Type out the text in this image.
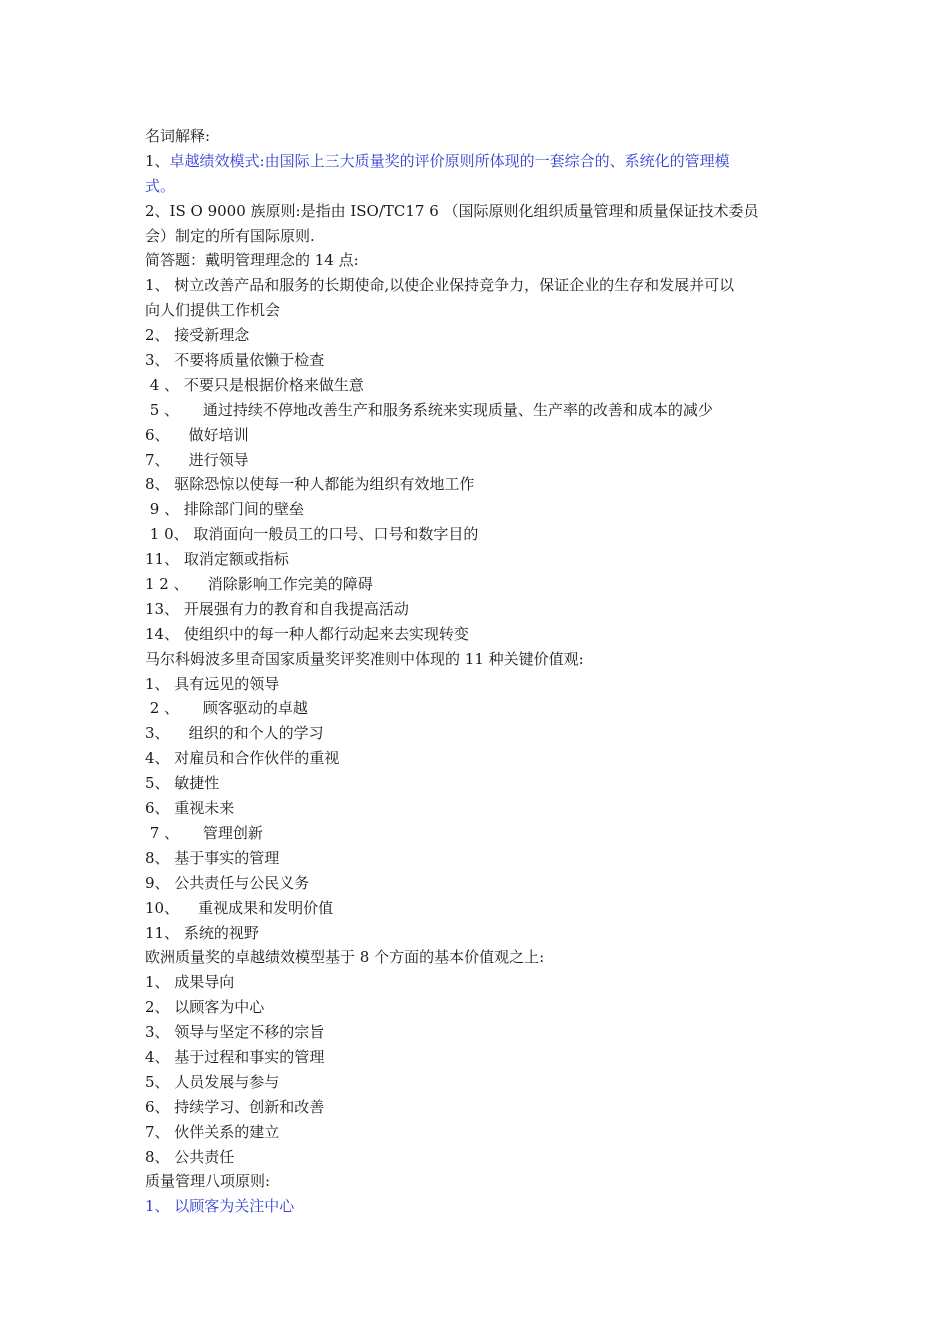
名词解释:
1、卓越绩效模式:由国际上三大质量奖的评价原则所体现的一套综合的、系统化的管理模
式。
2、IS O 9000 族原则:是指由 ISO/TC17 6 （国际原则化组织质量管理和质量保证技术委员
会）制定的所有国际原则.
简答题：戴明管理理念的 14 点:
1、 树立改善产品和服务的长期使命,以使企业保持竞争力，保证企业的生存和发展并可以
向人们提供工作机会
2、 接受新理念
3、 不要将质量依懒于检查
4 、 不要只是根据价格来做生意
5 、     通过持续不停地改善生产和服务系统来实现质量、生产率的改善和成本的减少
6、    做好培训
7、    进行领导
8、 驱除恐惊以使每一种人都能为组织有效地工作
9 、 排除部门间的壁垒
1 0、 取消面向一般员工的口号、口号和数字目的
11、 取消定额或指标
1 2 、    消除影响工作完美的障碍
13、 开展强有力的教育和自我提高活动
14、 使组织中的每一种人都行动起来去实现转变
马尔科姆波多里奇国家质量奖评奖准则中体现的 11 种关键价值观:
1、 具有远见的领导
2 、     顾客驱动的卓越
3、    组织的和个人的学习
4、 对雇员和合作伙伴的重视
5、 敏捷性
6、 重视未来
7 、     管理创新
8、 基于事实的管理
9、 公共责任与公民义务
10、    重视成果和发明价值
11、 系统的视野
欧洲质量奖的卓越绩效模型基于 8 个方面的基本价值观之上:
1、 成果导向
2、 以顾客为中心
3、 领导与坚定不移的宗旨
4、 基于过程和事实的管理
5、 人员发展与参与
6、 持续学习、创新和改善
7、 伙伴关系的建立
8、 公共责任
质量管理八项原则:
1、 以顾客为关注中心
